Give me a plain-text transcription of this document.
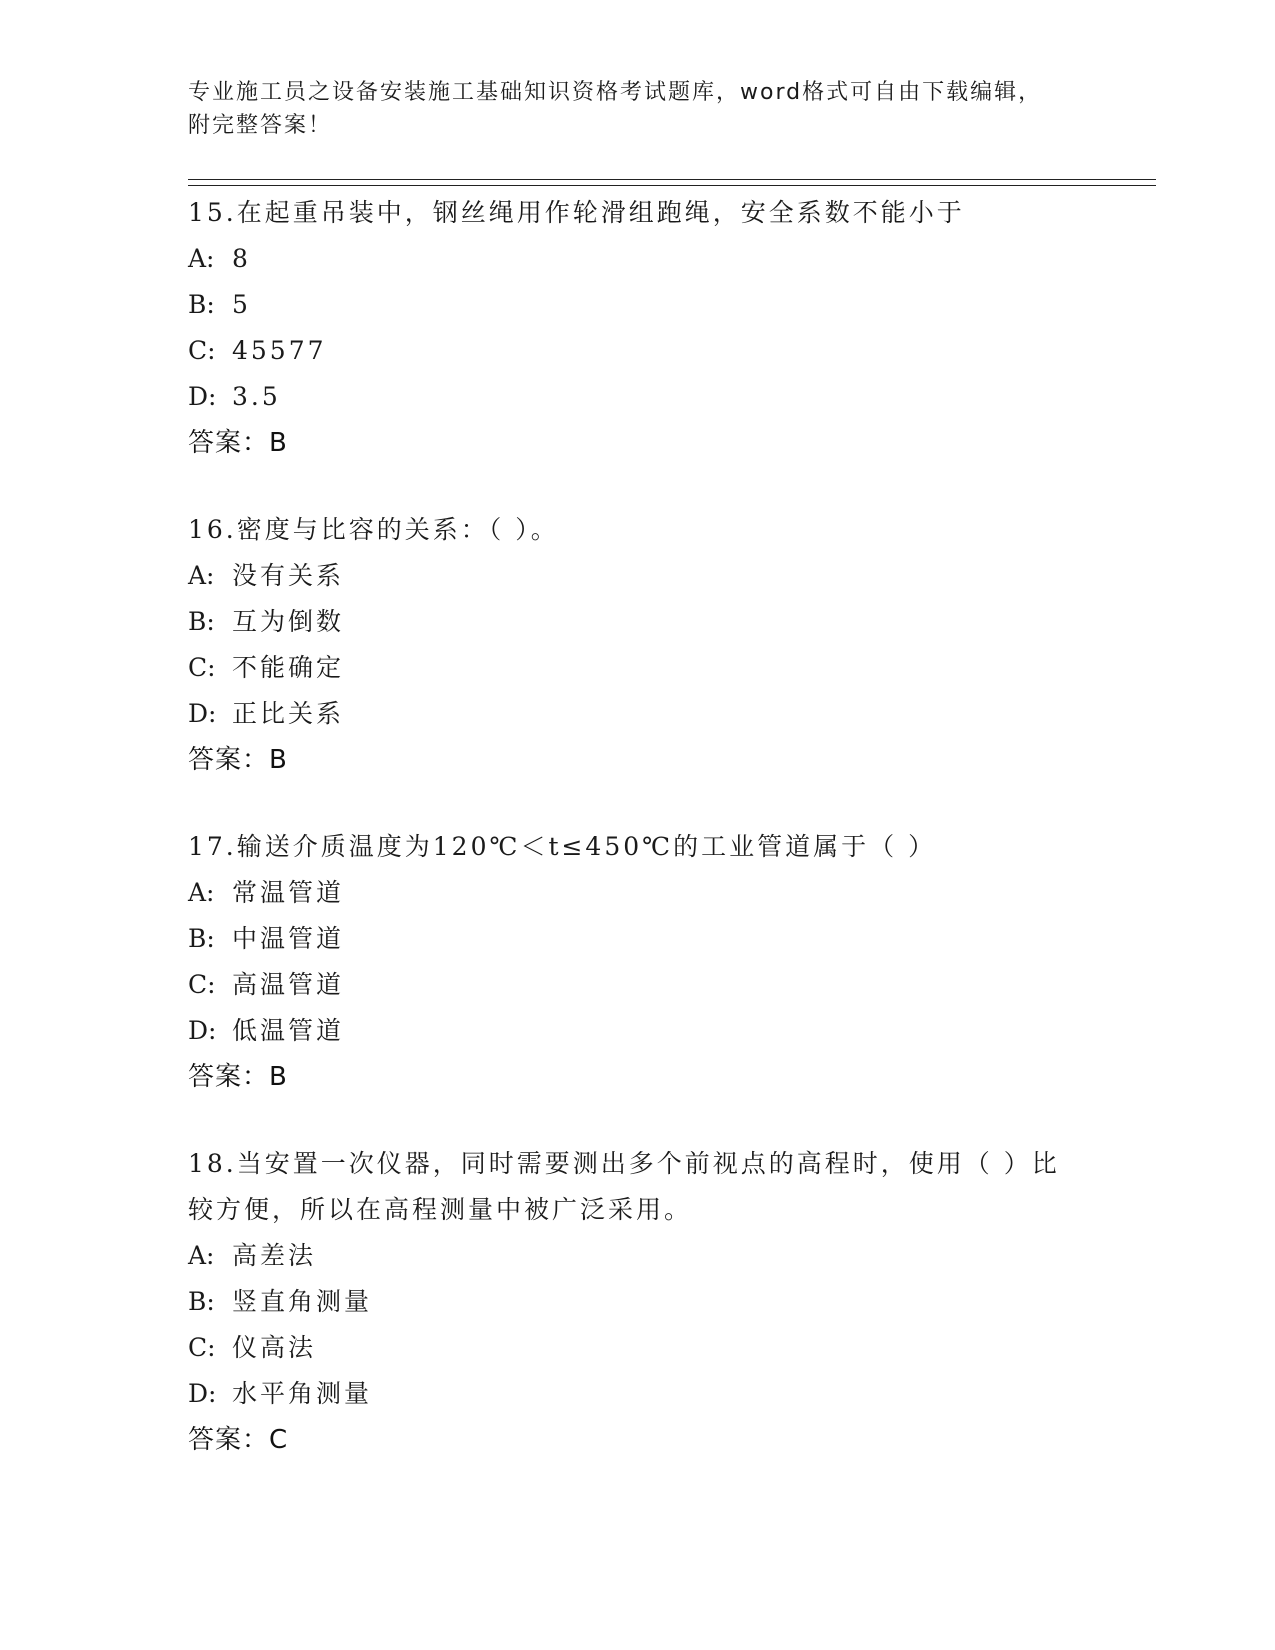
专业施工员之设备安装施工基础知识资格考试题库，word格式可自由下载编辑，
附完整答案！
15.在起重吊装中，钢丝绳用作轮滑组跑绳，安全系数不能小于
A: 8
B: 5
C: 45577
D: 3.5
答案：B
16.密度与比容的关系：（ ）。
A: 没有关系
B: 互为倒数
C: 不能确定
D: 正比关系
答案：B
17.输送介质温度为120℃＜t≤450℃的工业管道属于（ ）
A: 常温管道
B: 中温管道
C: 高温管道
D: 低温管道
答案：B
18.当安置一次仪器，同时需要测出多个前视点的高程时，使用（ ）比较方便，所以在高程测量中被广泛采用。
A: 高差法
B: 竖直角测量
C: 仪高法
D: 水平角测量
答案：C
